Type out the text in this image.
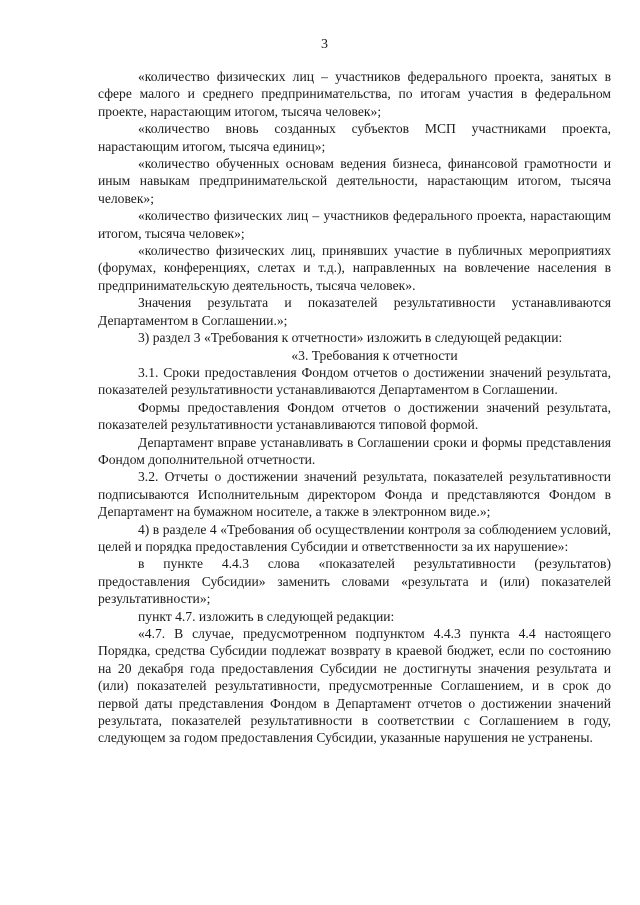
3

«количество физических лиц – участников федерального проекта, занятых в сфере малого и среднего предпринимательства, по итогам участия в федеральном проекте, нарастающим итогом, тысяча человек»;

«количество вновь созданных субъектов МСП участниками проекта, нарастающим итогом, тысяча единиц»;

«количество обученных основам ведения бизнеса, финансовой грамотности и иным навыкам предпринимательской деятельности, нарастающим итогом, тысяча человек»;

«количество физических лиц – участников федерального проекта, нарастающим итогом, тысяча человек»;

«количество физических лиц, принявших участие в публичных мероприятиях (форумах, конференциях, слетах и т.д.), направленных на вовлечение населения в предпринимательскую деятельность, тысяча человек».

Значения результата и показателей результативности устанавливаются Департаментом в Соглашении.»;

3) раздел 3 «Требования к отчетности» изложить в следующей редакции:

«3. Требования к отчетности

3.1. Сроки предоставления Фондом отчетов о достижении значений результата, показателей результативности устанавливаются Департаментом в Соглашении.

Формы предоставления Фондом отчетов о достижении значений результата, показателей результативности устанавливаются типовой формой.

Департамент вправе устанавливать в Соглашении сроки и формы представления Фондом дополнительной отчетности.

3.2. Отчеты о достижении значений результата, показателей результативности подписываются Исполнительным директором Фонда и представляются Фондом в Департамент на бумажном носителе, а также в электронном виде.»;

4) в разделе 4 «Требования об осуществлении контроля за соблюдением условий, целей и порядка предоставления Субсидии и ответственности за их нарушение»:

в пункте 4.4.3 слова «показателей результативности (результатов) предоставления Субсидии» заменить словами «результата и (или) показателей результативности»;

пункт 4.7. изложить в следующей редакции:

«4.7. В случае, предусмотренном подпунктом 4.4.3 пункта 4.4 настоящего Порядка, средства Субсидии подлежат возврату в краевой бюджет, если по состоянию на 20 декабря года предоставления Субсидии не достигнуты значения результата и (или) показателей результативности, предусмотренные Соглашением, и в срок до первой даты представления Фондом в Департамент отчетов о достижении значений результата, показателей результативности в соответствии с Соглашением в году, следующем за годом предоставления Субсидии, указанные нарушения не устранены.
